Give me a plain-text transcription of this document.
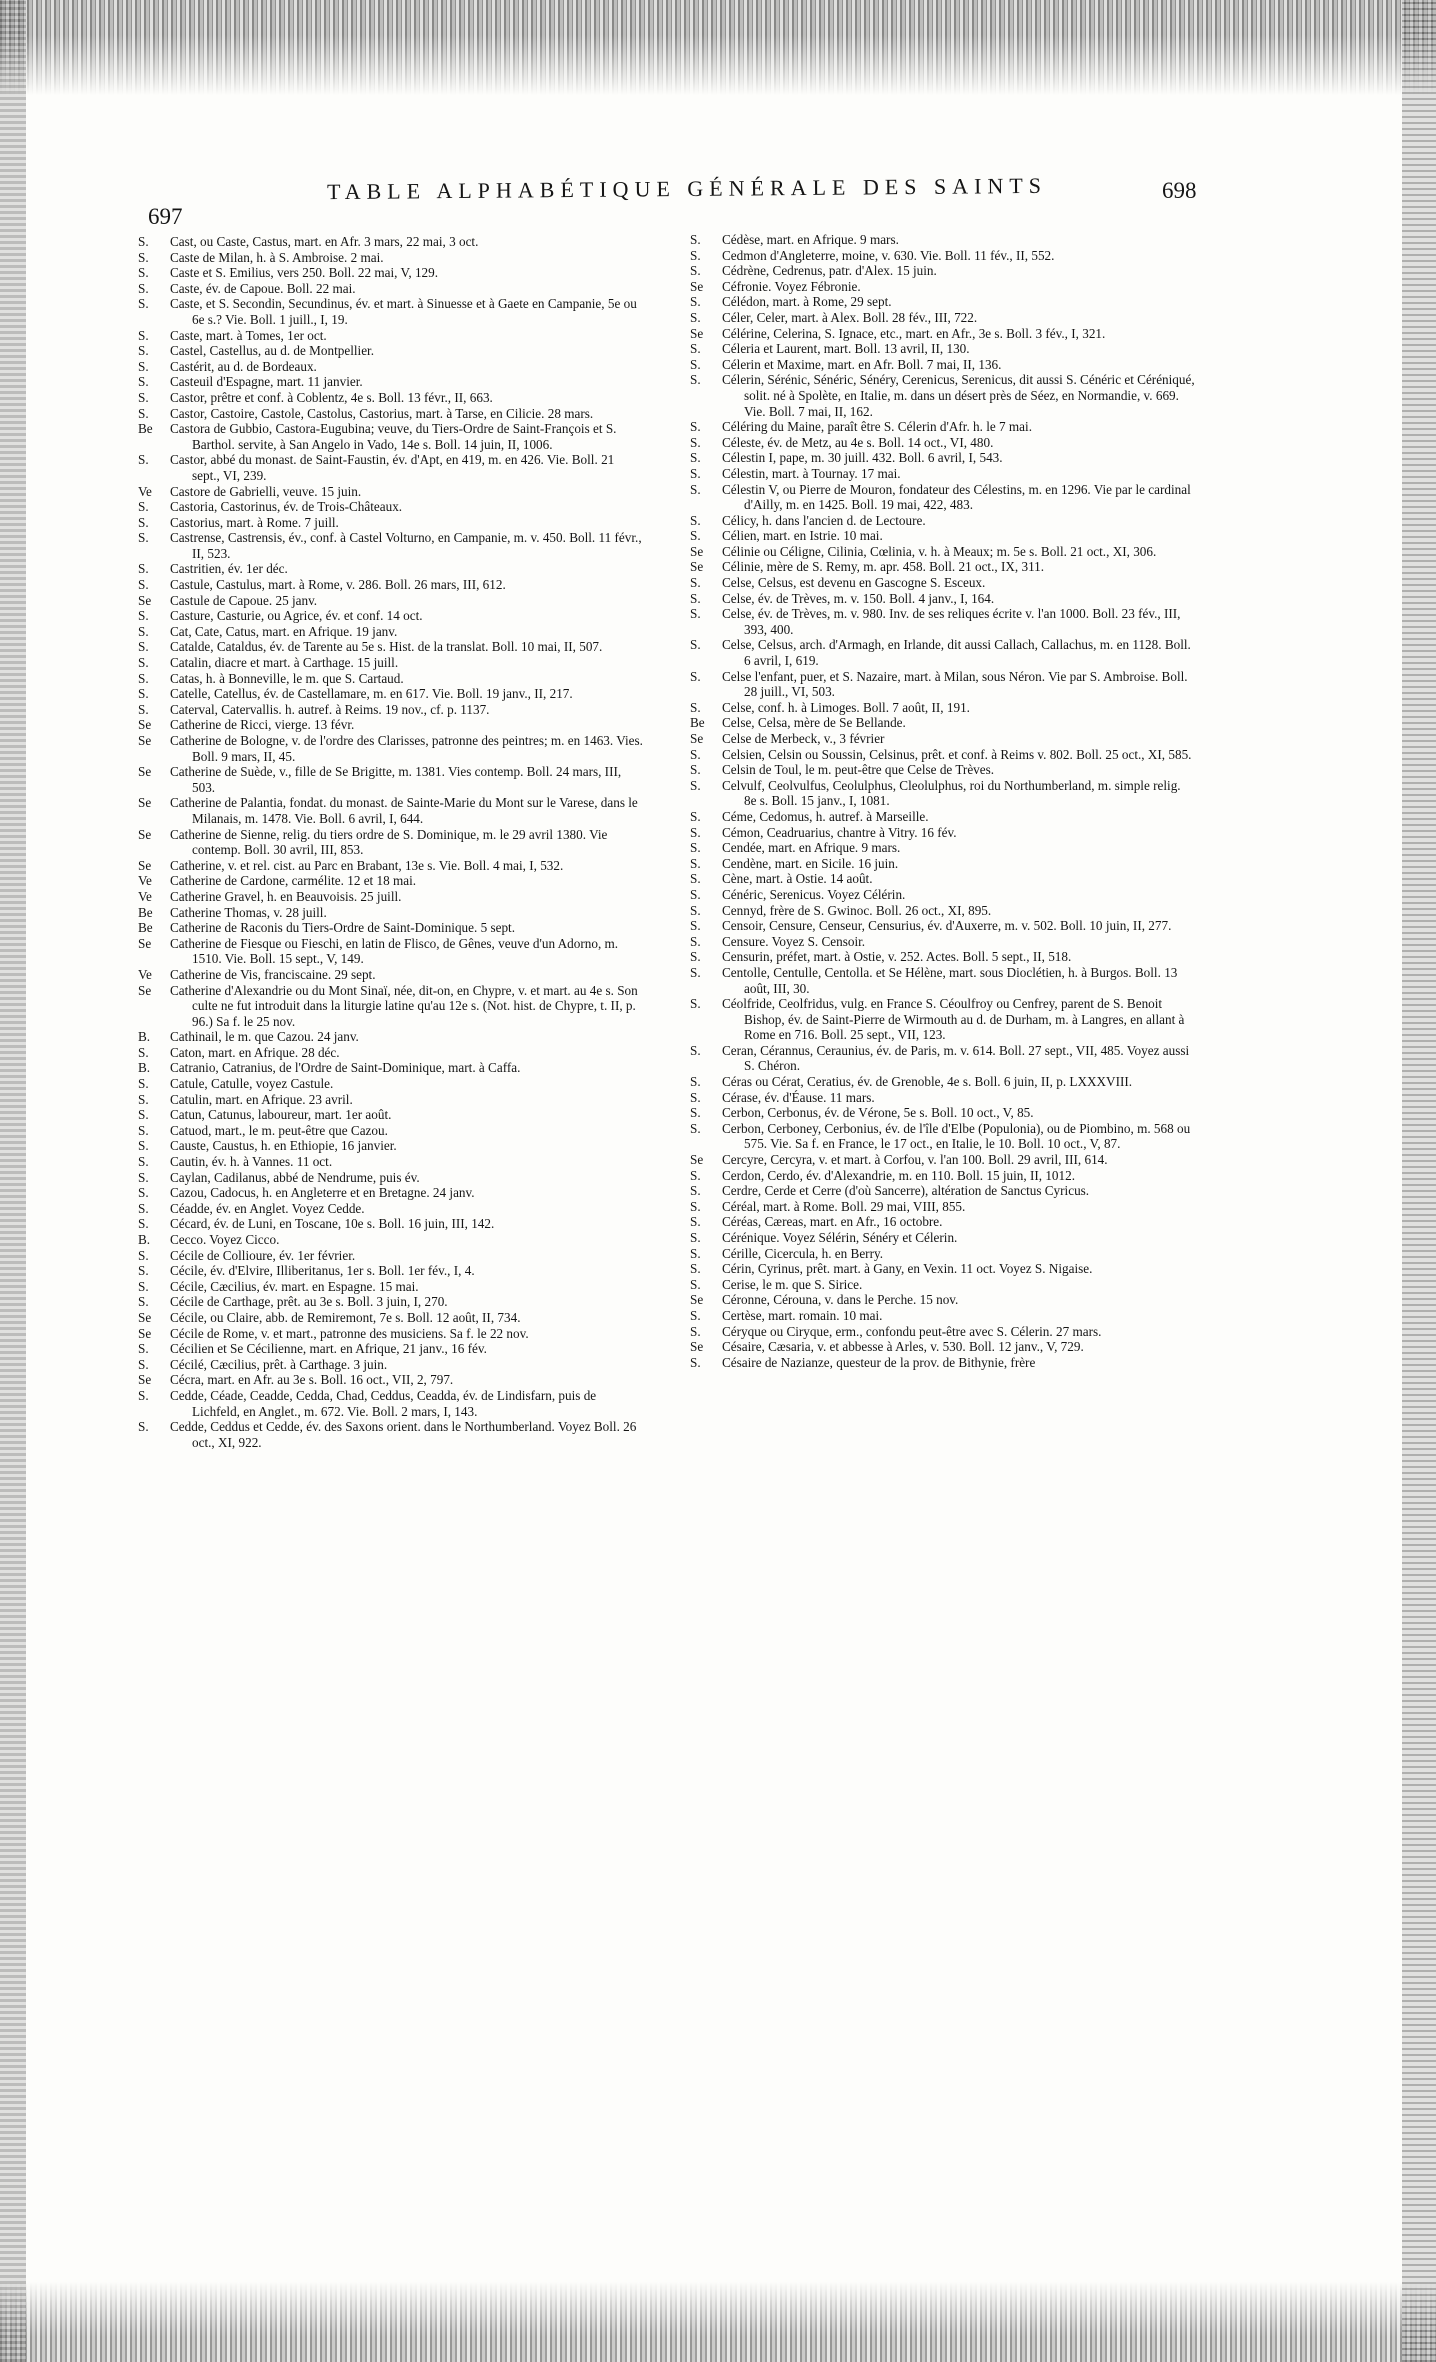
697
TABLE ALPHABÉTIQUE GÉNÉRALE DES SAINTS	698
S.	Cast, ou Caste, Castus, mart. en Afr. 3 mars, 22 mai, 3 oct.
S.	Caste de Milan, h. à S. Ambroise. 2 mai.
S.	Caste et S. Emilius, vers 250. Boll. 22 mai, V, 129.
S.	Caste, év. de Capoue. Boll. 22 mai.
S.	Caste, et S. Secondin, Secundinus, év. et mart. à Sinuesse et à Gaete en Campanie, 5e ou 6e s.? Vie. Boll. 1 juill., I, 19.
S.	Caste, mart. à Tomes, 1er oct.
S.	Castel, Castellus, au d. de Montpellier.
S.	Castérit, au d. de Bordeaux.
S.	Casteuil d'Espagne, mart. 11 janvier.
S.	Castor, prêtre et conf. à Coblentz, 4e s. Boll. 13 févr., II, 663.
S.	Castor, Castoire, Castole, Castolus, Castorius, mart. à Tarse, en Cilicie. 28 mars.
Be	Castora de Gubbio, Castora-Eugubina; veuve, du Tiers-Ordre de Saint-François et S. Barthol. servite, à San Angelo in Vado, 14e s. Boll. 14 juin, II, 1006.
S.	Castor, abbé du monast. de Saint-Faustin, év. d'Apt, en 419, m. en 426. Vie. Boll. 21 sept., VI, 239.
Ve	Castore de Gabrielli, veuve. 15 juin.
S.	Castoria, Castorinus, év. de Trois-Châteaux.
S.	Castorius, mart. à Rome. 7 juill.
S.	Castrense, Castrensis, év., conf. à Castel Volturno, en Campanie, m. v. 450. Boll. 11 févr., II, 523.
S.	Castritien, év. 1er déc.
S.	Castule, Castulus, mart. à Rome, v. 286. Boll. 26 mars, III, 612.
Se	Castule de Capoue. 25 janv.
S.	Casture, Casturie, ou Agrice, év. et conf. 14 oct.
S.	Cat, Cate, Catus, mart. en Afrique. 19 janv.
S.	Catalde, Cataldus, év. de Tarente au 5e s. Hist. de la translat. Boll. 10 mai, II, 507.
S.	Catalin, diacre et mart. à Carthage. 15 juill.
S.	Catas, h. à Bonneville, le m. que S. Cartaud.
S.	Catelle, Catellus, év. de Castellamare, m. en 617. Vie. Boll. 19 janv., II, 217.
S.	Caterval, Catervallis. h. autref. à Reims. 19 nov., cf. p. 1137.
Se	Catherine de Ricci, vierge. 13 févr.
Se	Catherine de Bologne, v. de l'ordre des Clarisses, patronne des peintres; m. en 1463. Vies. Boll. 9 mars, II, 45.
Se	Catherine de Suède, v., fille de Se Brigitte, m. 1381. Vies contemp. Boll. 24 mars, III, 503.
Se	Catherine de Palantia, fondat. du monast. de Sainte-Marie du Mont sur le Varese, dans le Milanais, m. 1478. Vie. Boll. 6 avril, I, 644.
Se	Catherine de Sienne, relig. du tiers ordre de S. Dominique, m. le 29 avril 1380. Vie contemp. Boll. 30 avril, III, 853.
Se	Catherine, v. et rel. cist. au Parc en Brabant, 13e s. Vie. Boll. 4 mai, I, 532.
Ve	Catherine de Cardone, carmélite. 12 et 18 mai.
Ve	Catherine Gravel, h. en Beauvoisis. 25 juill.
Be	Catherine Thomas, v. 28 juill.
Be	Catherine de Raconis du Tiers-Ordre de Saint-Dominique. 5 sept.
Se	Catherine de Fiesque ou Fieschi, en latin de Flisco, de Gênes, veuve d'un Adorno, m. 1510. Vie. Boll. 15 sept., V, 149.
Ve	Catherine de Vis, franciscaine. 29 sept.
Se	Catherine d'Alexandrie ou du Mont Sinaï, née, dit-on, en Chypre, v. et mart. au 4e s. Son culte ne fut introduit dans la liturgie latine qu'au 12e s. (Not. hist. de Chypre, t. II, p. 96.) Sa f. le 25 nov.
B.	Cathinail, le m. que Cazou. 24 janv.
S.	Caton, mart. en Afrique. 28 déc.
B.	Catranio, Catranius, de l'Ordre de Saint-Dominique, mart. à Caffa.
S.	Catule, Catulle, voyez Castule.
S.	Catulin, mart. en Afrique. 23 avril.
S.	Catun, Catunus, laboureur, mart. 1er août.
S.	Catuod, mart., le m. peut-être que Cazou.
S.	Causte, Caustus, h. en Ethiopie, 16 janvier.
S.	Cautin, év. h. à Vannes. 11 oct.
S.	Caylan, Cadilanus, abbé de Nendrume, puis év.
S.	Cazou, Cadocus, h. en Angleterre et en Bretagne. 24 janv.
S.	Céadde, év. en Anglet. Voyez Cedde.
S.	Cécard, év. de Luni, en Toscane, 10e s. Boll. 16 juin, III, 142.
B.	Cecco. Voyez Cicco.
S.	Cécile de Collioure, év. 1er février.
S.	Cécile, év. d'Elvire, Illiberitanus, 1er s. Boll. 1er fév., I, 4.
S.	Cécile, Cæcilius, év. mart. en Espagne. 15 mai.
S.	Cécile de Carthage, prêt. au 3e s. Boll. 3 juin, I, 270.
Se	Cécile, ou Claire, abb. de Remiremont, 7e s. Boll. 12 août, II, 734.
Se	Cécile de Rome, v. et mart., patronne des musiciens. Sa f. le 22 nov.
S.	Cécilien et Se Cécilienne, mart. en Afrique, 21 janv., 16 fév.
S.	Cécilé, Cæcilius, prêt. à Carthage. 3 juin.
Se	Cécra, mart. en Afr. au 3e s. Boll. 16 oct., VII, 2, 797.
S.	Cedde, Céade, Ceadde, Cedda, Chad, Ceddus, Ceadda, év. de Lindisfarn, puis de Lichfeld, en Anglet., m. 672. Vie. Boll. 2 mars, I, 143.
S.	Cedde, Ceddus et Cedde, év. des Saxons orient. dans le Northumberland. Voyez Boll. 26 oct., XI, 922.
S.	Cédèse, mart. en Afrique. 9 mars.
S.	Cedmon d'Angleterre, moine, v. 630. Vie. Boll. 11 fév., II, 552.
S.	Cédrène, Cedrenus, patr. d'Alex. 15 juin.
Se	Céfronie. Voyez Fébronie.
S.	Célédon, mart. à Rome, 29 sept.
S.	Céler, Celer, mart. à Alex. Boll. 28 fév., III, 722.
Se	Célérine, Celerina, S. Ignace, etc., mart. en Afr., 3e s. Boll. 3 fév., I, 321.
S.	Céleria et Laurent, mart. Boll. 13 avril, II, 130.
S.	Célerin et Maxime, mart. en Afr. Boll. 7 mai, II, 136.
S.	Célerin, Sérénic, Sénéric, Sénéry, Cerenicus, Serenicus, dit aussi S. Cénéric et Céréniqué, solit. né à Spolète, en Italie, m. dans un désert près de Séez, en Normandie, v. 669. Vie. Boll. 7 mai, II, 162.
S.	Céléring du Maine, paraît être S. Célerin d'Afr. h. le 7 mai.
S.	Céleste, év. de Metz, au 4e s. Boll. 14 oct., VI, 480.
S.	Célestin I, pape, m. 30 juill. 432. Boll. 6 avril, I, 543.
S.	Célestin, mart. à Tournay. 17 mai.
S.	Célestin V, ou Pierre de Mouron, fondateur des Célestins, m. en 1296. Vie par le cardinal d'Ailly, m. en 1425. Boll. 19 mai, 422, 483.
S.	Célicy, h. dans l'ancien d. de Lectoure.
S.	Célien, mart. en Istrie. 10 mai.
Se	Célinie ou Céligne, Cilinia, Cœlinia, v. h. à Meaux; m. 5e s. Boll. 21 oct., XI, 306.
Se	Célinie, mère de S. Remy, m. apr. 458. Boll. 21 oct., IX, 311.
S.	Celse, Celsus, est devenu en Gascogne S. Esceux.
S.	Celse, év. de Trèves, m. v. 150. Boll. 4 janv., I, 164.
S.	Celse, év. de Trèves, m. v. 980. Inv. de ses reliques écrite v. l'an 1000. Boll. 23 fév., III, 393, 400.
S.	Celse, Celsus, arch. d'Armagh, en Irlande, dit aussi Callach, Callachus, m. en 1128. Boll. 6 avril, I, 619.
S.	Celse l'enfant, puer, et S. Nazaire, mart. à Milan, sous Néron. Vie par S. Ambroise. Boll. 28 juill., VI, 503.
S.	Celse, conf. h. à Limoges. Boll. 7 août, II, 191.
Be	Celse, Celsa, mère de Se Bellande.
Se	Celse de Merbeck, v., 3 février
S.	Celsien, Celsin ou Soussin, Celsinus, prêt. et conf. à Reims v. 802. Boll. 25 oct., XI, 585.
S.	Celsin de Toul, le m. peut-être que Celse de Trèves.
S.	Celvulf, Ceolvulfus, Ceolulphus, Cleolulphus, roi du Northumberland, m. simple relig. 8e s. Boll. 15 janv., I, 1081.
S.	Céme, Cedomus, h. autref. à Marseille.
S.	Cémon, Ceadruarius, chantre à Vitry. 16 fév.
S.	Cendée, mart. en Afrique. 9 mars.
S.	Cendène, mart. en Sicile. 16 juin.
S.	Cène, mart. à Ostie. 14 août.
S.	Cénéric, Serenicus. Voyez Célérin.
S.	Cennyd, frère de S. Gwinoc. Boll. 26 oct., XI, 895.
S.	Censoir, Censure, Censeur, Censurius, év. d'Auxerre, m. v. 502. Boll. 10 juin, II, 277.
S.	Censure. Voyez S. Censoir.
S.	Censurin, préfet, mart. à Ostie, v. 252. Actes. Boll. 5 sept., II, 518.
S.	Centolle, Centulle, Centolla. et Se Hélène, mart. sous Dioclétien, h. à Burgos. Boll. 13 août, III, 30.
S.	Céolfride, Ceolfridus, vulg. en France S. Céoulfroy ou Cenfrey, parent de S. Benoit Bishop, év. de Saint-Pierre de Wirmouth au d. de Durham, m. à Langres, en allant à Rome en 716. Boll. 25 sept., VII, 123.
S.	Ceran, Cérannus, Ceraunius, év. de Paris, m. v. 614. Boll. 27 sept., VII, 485. Voyez aussi S. Chéron.
S.	Céras ou Cérat, Ceratius, év. de Grenoble, 4e s. Boll. 6 juin, II, p. LXXXVIII.
S.	Cérase, év. d'Éause. 11 mars.
S.	Cerbon, Cerbonus, év. de Vérone, 5e s. Boll. 10 oct., V, 85.
S.	Cerbon, Cerboney, Cerbonius, év. de l'île d'Elbe (Populonia), ou de Piombino, m. 568 ou 575. Vie. Sa f. en France, le 17 oct., en Italie, le 10. Boll. 10 oct., V, 87.
Se	Cercyre, Cercyra, v. et mart. à Corfou, v. l'an 100. Boll. 29 avril, III, 614.
S.	Cerdon, Cerdo, év. d'Alexandrie, m. en 110. Boll. 15 juin, II, 1012.
S.	Cerdre, Cerde et Cerre (d'où Sancerre), altération de Sanctus Cyricus.
S.	Céréal, mart. à Rome. Boll. 29 mai, VIII, 855.
S.	Céréas, Cæreas, mart. en Afr., 16 octobre.
S.	Cérénique. Voyez Sélérin, Sénéry et Célerin.
S.	Cérille, Cicercula, h. en Berry.
S.	Cérin, Cyrinus, prêt. mart. à Gany, en Vexin. 11 oct. Voyez S. Nigaise.
S.	Cerise, le m. que S. Sirice.
Se	Céronne, Cérouna, v. dans le Perche. 15 nov.
S.	Certèse, mart. romain. 10 mai.
S.	Céryque ou Ciryque, erm., confondu peut-être avec S. Célerin. 27 mars.
Se	Césaire, Cæsaria, v. et abbesse à Arles, v. 530. Boll. 12 janv., V, 729.
S.	Césaire de Nazianze, questeur de la prov. de Bithynie, frère
